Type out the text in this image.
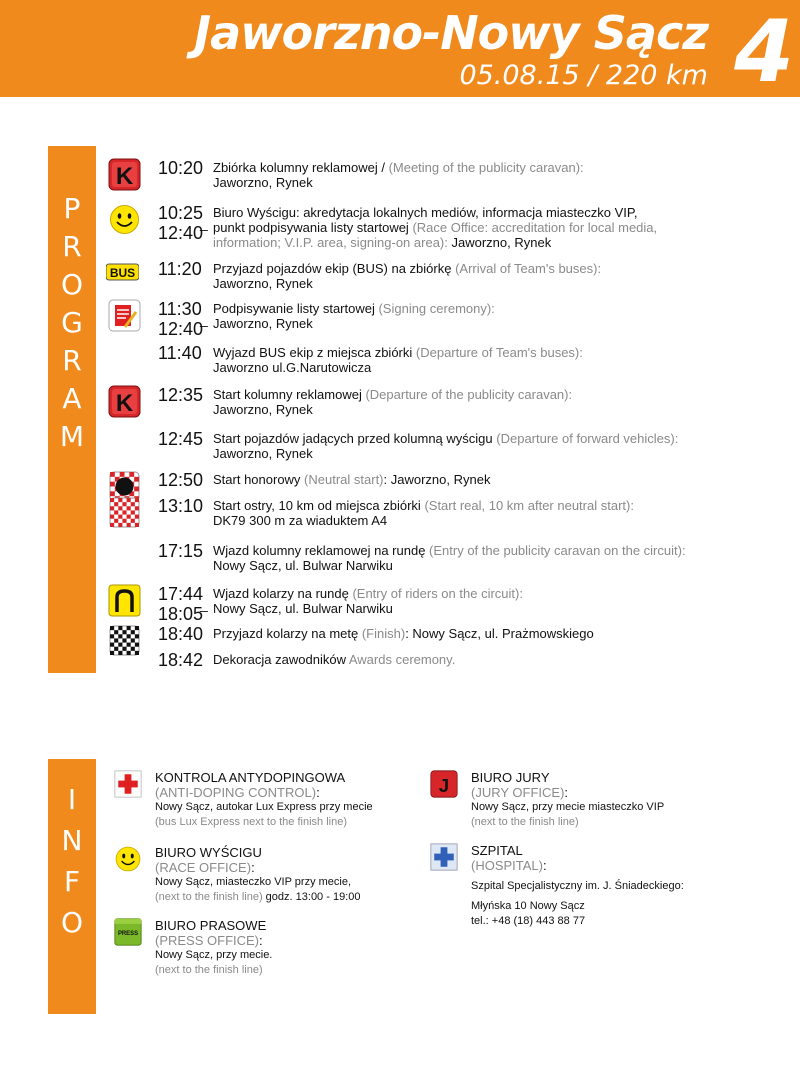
Jaworzno-Nowy Sącz
05.08.15 / 220 km 4
P
R
O
G
R
A
M
I
N
F
O
K 10:20 Zbiórka kolumny reklamowej / (Meeting of the publicity caravan):
Jaworzno, Rynek
10:25
12:40
_
Biuro Wyścigu: akredytacja lokalnych mediów, informacja miasteczko VIP,
punkt podpisywania listy startowej (Race Office: accreditation for local media,
information; V.I.P. area, signing-on area): Jaworzno, Rynek
BUS 11:20 Przyjazd pojazdów ekip (BUS) na zbiórkę (Arrival of Team's buses):
Jaworzno, Rynek
11:30
12:40
_
Podpisywanie listy startowej (Signing ceremony):
Jaworzno, Rynek
11:40 Wyjazd BUS ekip z miejsca zbiórki (Departure of Team's buses):
Jaworzno ul.G.Narutowicza
K 12:35 Start kolumny reklamowej (Departure of the publicity caravan):
Jaworzno, Rynek
12:45 Start pojazdów jadących przed kolumną wyścigu (Departure of forward vehicles):
Jaworzno, Rynek
12:50 Start honorowy (Neutral start): Jaworzno, Rynek
13:10 Start ostry, 10 km od miejsca zbiórki (Start real, 10 km after neutral start):
DK79 300 m za wiaduktem A4
17:15 Wjazd kolumny reklamowej na rundę (Entry of the publicity caravan on the circuit):
Nowy Sącz, ul. Bulwar Narwiku
17:44
18:05
_
Wjazd kolarzy na rundę (Entry of riders on the circuit):
Nowy Sącz, ul. Bulwar Narwiku
18:40 Przyjazd kolarzy na metę (Finish): Nowy Sącz, ul. Prażmowskiego
18:42 Dekoracja zawodników Awards ceremony.
KONTROLA ANTYDOPINGOWA
(ANTI-DOPING CONTROL):
Nowy Sącz, autokar Lux Express przy mecie
(bus Lux Express next to the finish line)
BIURO WYŚCIGU
(RACE OFFICE):
Nowy Sącz, miasteczko VIP przy mecie,
(next to the finish line) godz. 13:00 - 19:00
PRESS
BIURO PRASOWE
(PRESS OFFICE):
Nowy Sącz, przy mecie.
(next to the finish line)
J BIURO JURY
(JURY OFFICE):
Nowy Sącz, przy mecie miasteczko VIP
(next to the finish line)
SZPITAL
(HOSPITAL):
Szpital Specjalistyczny im. J. Śniadeckiego:
Młyńska 10 Nowy Sącz
tel.: +48 (18) 443 88 77
